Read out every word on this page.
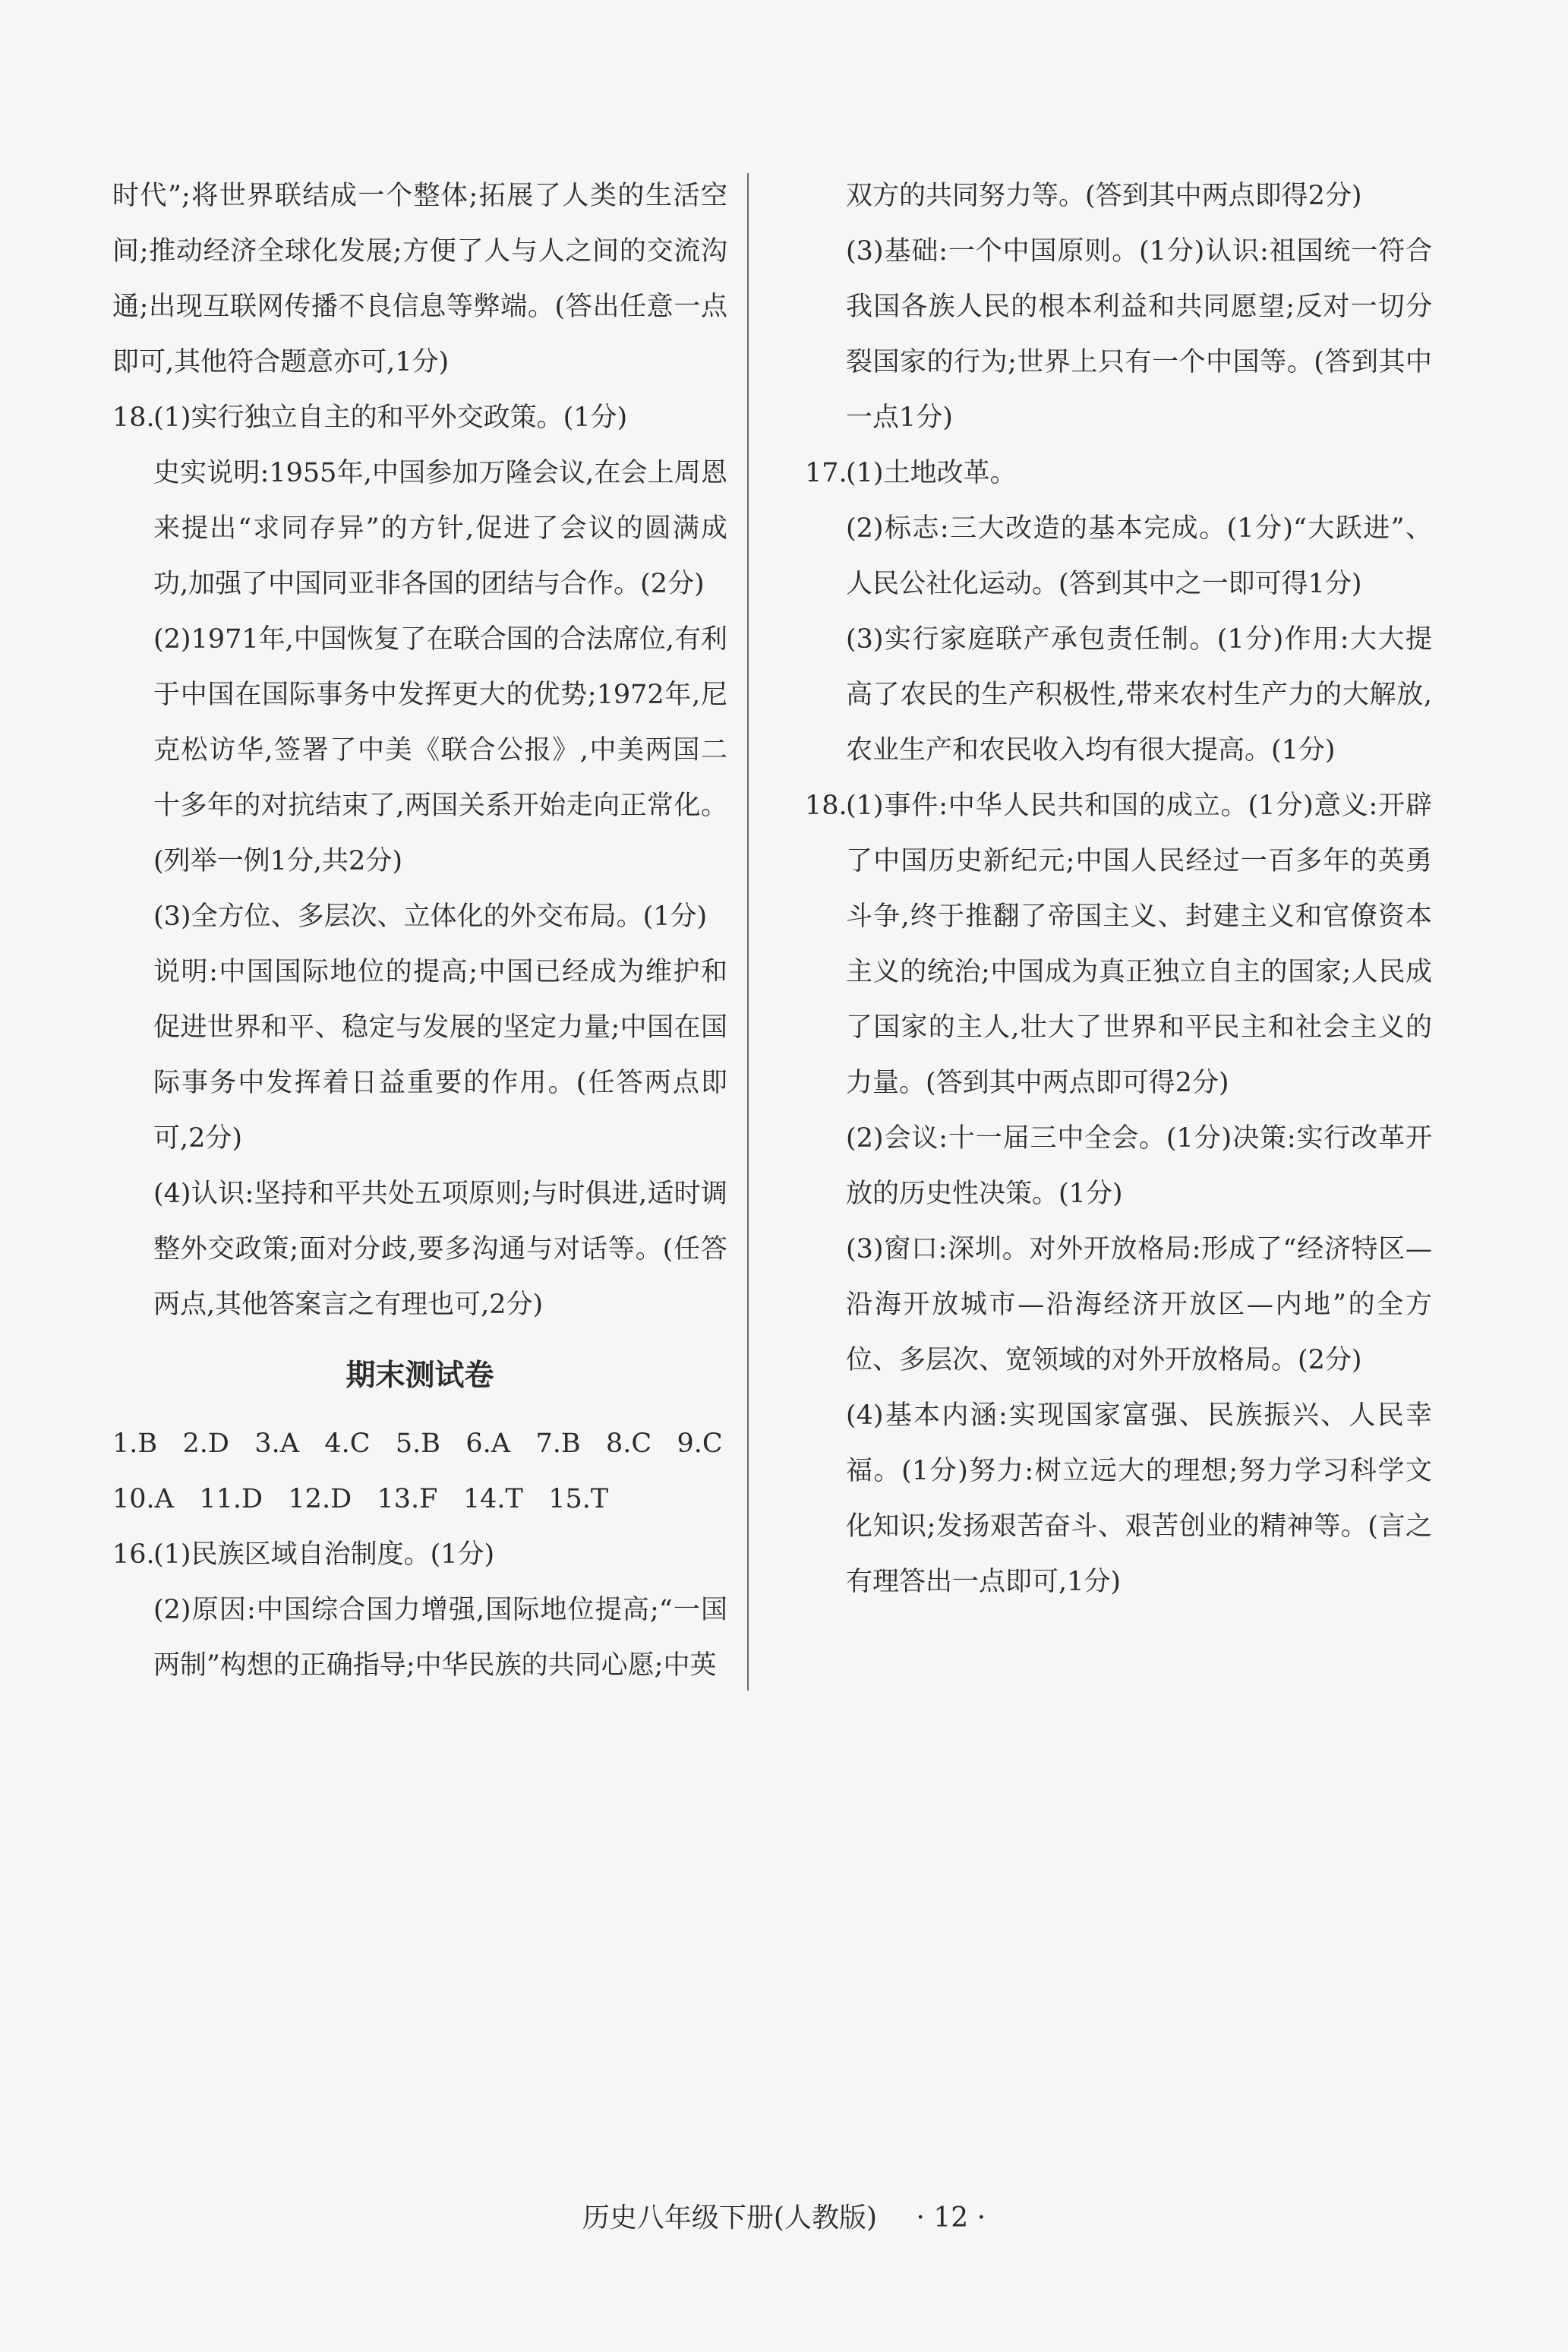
时代”;将世界联结成一个整体;拓展了人类的生活空间;推动经济全球化发展;方便了人与人之间的交流沟通;出现互联网传播不良信息等弊端。(答出任意一点即可,其他符合题意亦可,1分)
18.
(1)实行独立自主的和平外交政策。(1分)
史实说明:1955年,中国参加万隆会议,在会上周恩来提出“求同存异”的方针,促进了会议的圆满成功,加强了中国同亚非各国的团结与合作。(2分)
(2)1971年,中国恢复了在联合国的合法席位,有利于中国在国际事务中发挥更大的优势;1972年,尼克松访华,签署了中美《联合公报》,中美两国二十多年的对抗结束了,两国关系开始走向正常化。(列举一例1分,共2分)
(3)全方位、多层次、立体化的外交布局。(1分)
说明:中国国际地位的提高;中国已经成为维护和促进世界和平、稳定与发展的坚定力量;中国在国际事务中发挥着日益重要的作用。(任答两点即可,2分)
(4)认识:坚持和平共处五项原则;与时俱进,适时调整外交政策;面对分歧,要多沟通与对话等。(任答两点,其他答案言之有理也可,2分)
期末测试卷
1.B   2.D   3.A   4.C   5.B   6.A   7.B   8.C   9.C
10.A   11.D   12.D   13.F   14.T   15.T
16.
(1)民族区域自治制度。(1分)
(2)原因:中国综合国力增强,国际地位提高;“一国两制”构想的正确指导;中华民族的共同心愿;中英
双方的共同努力等。(答到其中两点即得2分)
(3)基础:一个中国原则。(1分)认识:祖国统一符合我国各族人民的根本利益和共同愿望;反对一切分裂国家的行为;世界上只有一个中国等。(答到其中一点1分)
17.
(1)土地改革。
(2)标志:三大改造的基本完成。(1分)“大跃进”、人民公社化运动。(答到其中之一即可得1分)
(3)实行家庭联产承包责任制。(1分)作用:大大提高了农民的生产积极性,带来农村生产力的大解放,农业生产和农民收入均有很大提高。(1分)
18.
(1)事件:中华人民共和国的成立。(1分)意义:开辟了中国历史新纪元;中国人民经过一百多年的英勇斗争,终于推翻了帝国主义、封建主义和官僚资本主义的统治;中国成为真正独立自主的国家;人民成了国家的主人,壮大了世界和平民主和社会主义的力量。(答到其中两点即可得2分)
(2)会议:十一届三中全会。(1分)决策:实行改革开放的历史性决策。(1分)
(3)窗口:深圳。对外开放格局:形成了“经济特区—沿海开放城市—沿海经济开放区—内地”的全方位、多层次、宽领域的对外开放格局。(2分)
(4)基本内涵:实现国家富强、民族振兴、人民幸福。(1分)努力:树立远大的理想;努力学习科学文化知识;发扬艰苦奋斗、艰苦创业的精神等。(言之有理答出一点即可,1分)
历史八年级下册(人教版) · 12 ·
